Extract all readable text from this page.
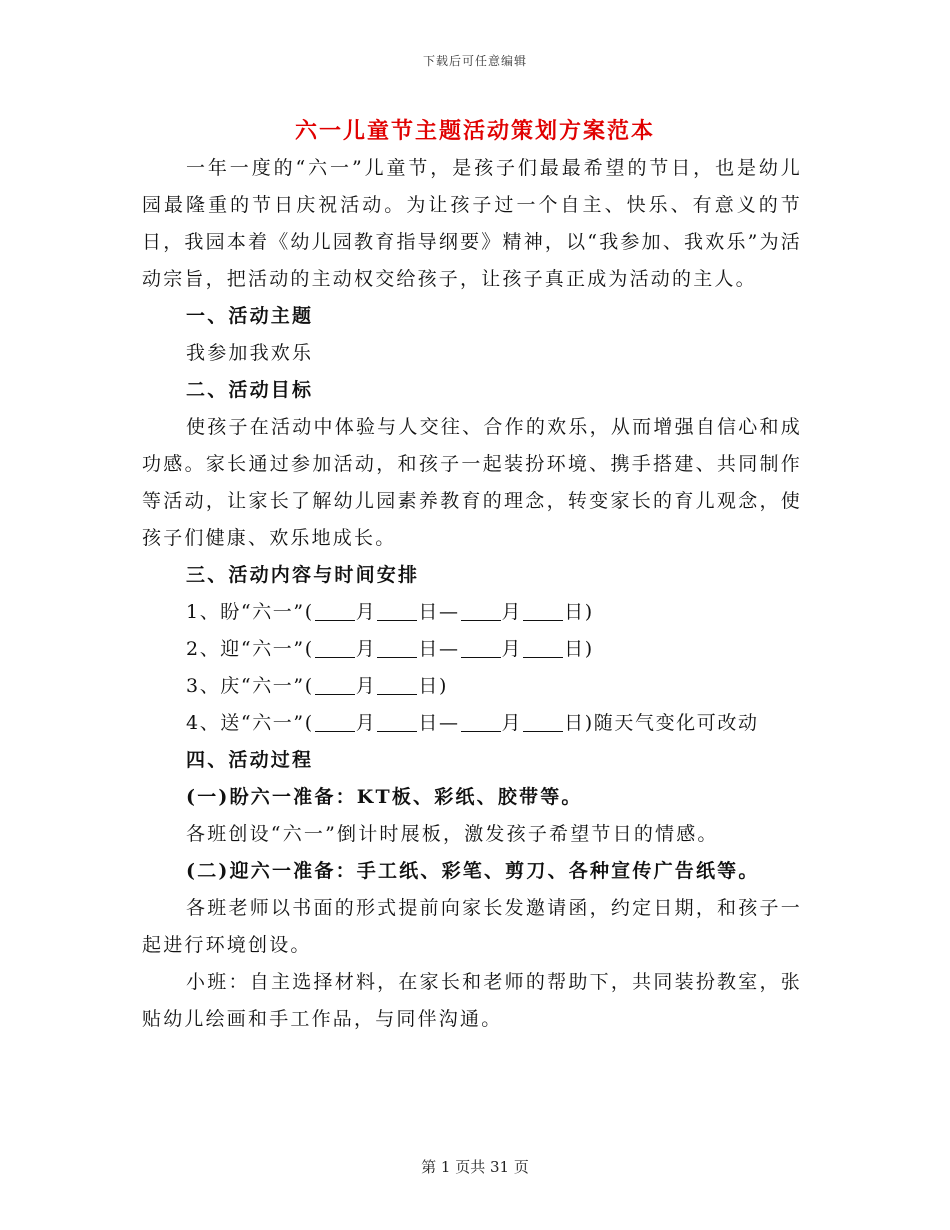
下载后可任意编辑
六一儿童节主题活动策划方案范本

一年一度的“六一”儿童节，是孩子们最最希望的节日，也是幼儿园最隆重的节日庆祝活动。为让孩子过一个自主、快乐、有意义的节日，我园本着《幼儿园教育指导纲要》精神，以“我参加、我欢乐”为活动宗旨，把活动的主动权交给孩子，让孩子真正成为活动的主人。

一、活动主题

我参加我欢乐

二、活动目标

使孩子在活动中体验与人交往、合作的欢乐，从而增强自信心和成功感。家长通过参加活动，和孩子一起装扮环境、携手搭建、共同制作等活动，让家长了解幼儿园素养教育的理念，转变家长的育儿观念，使孩子们健康、欢乐地成长。

三、活动内容与时间安排

1、盼“六一”( 月 日— 月 日)

2、迎“六一”( 月 日— 月 日)

3、庆“六一”( 月 日)

4、送“六一”( 月 日— 月 日)随天气变化可改动

四、活动过程

(一)盼六一准备：KT板、彩纸、胶带等。

各班创设“六一”倒计时展板，激发孩子希望节日的情感。

(二)迎六一准备：手工纸、彩笔、剪刀、各种宣传广告纸等。

各班老师以书面的形式提前向家长发邀请函，约定日期，和孩子一起进行环境创设。

小班：自主选择材料，在家长和老师的帮助下，共同装扮教室，张贴幼儿绘画和手工作品，与同伴沟通。

第 1 页共 31 页
